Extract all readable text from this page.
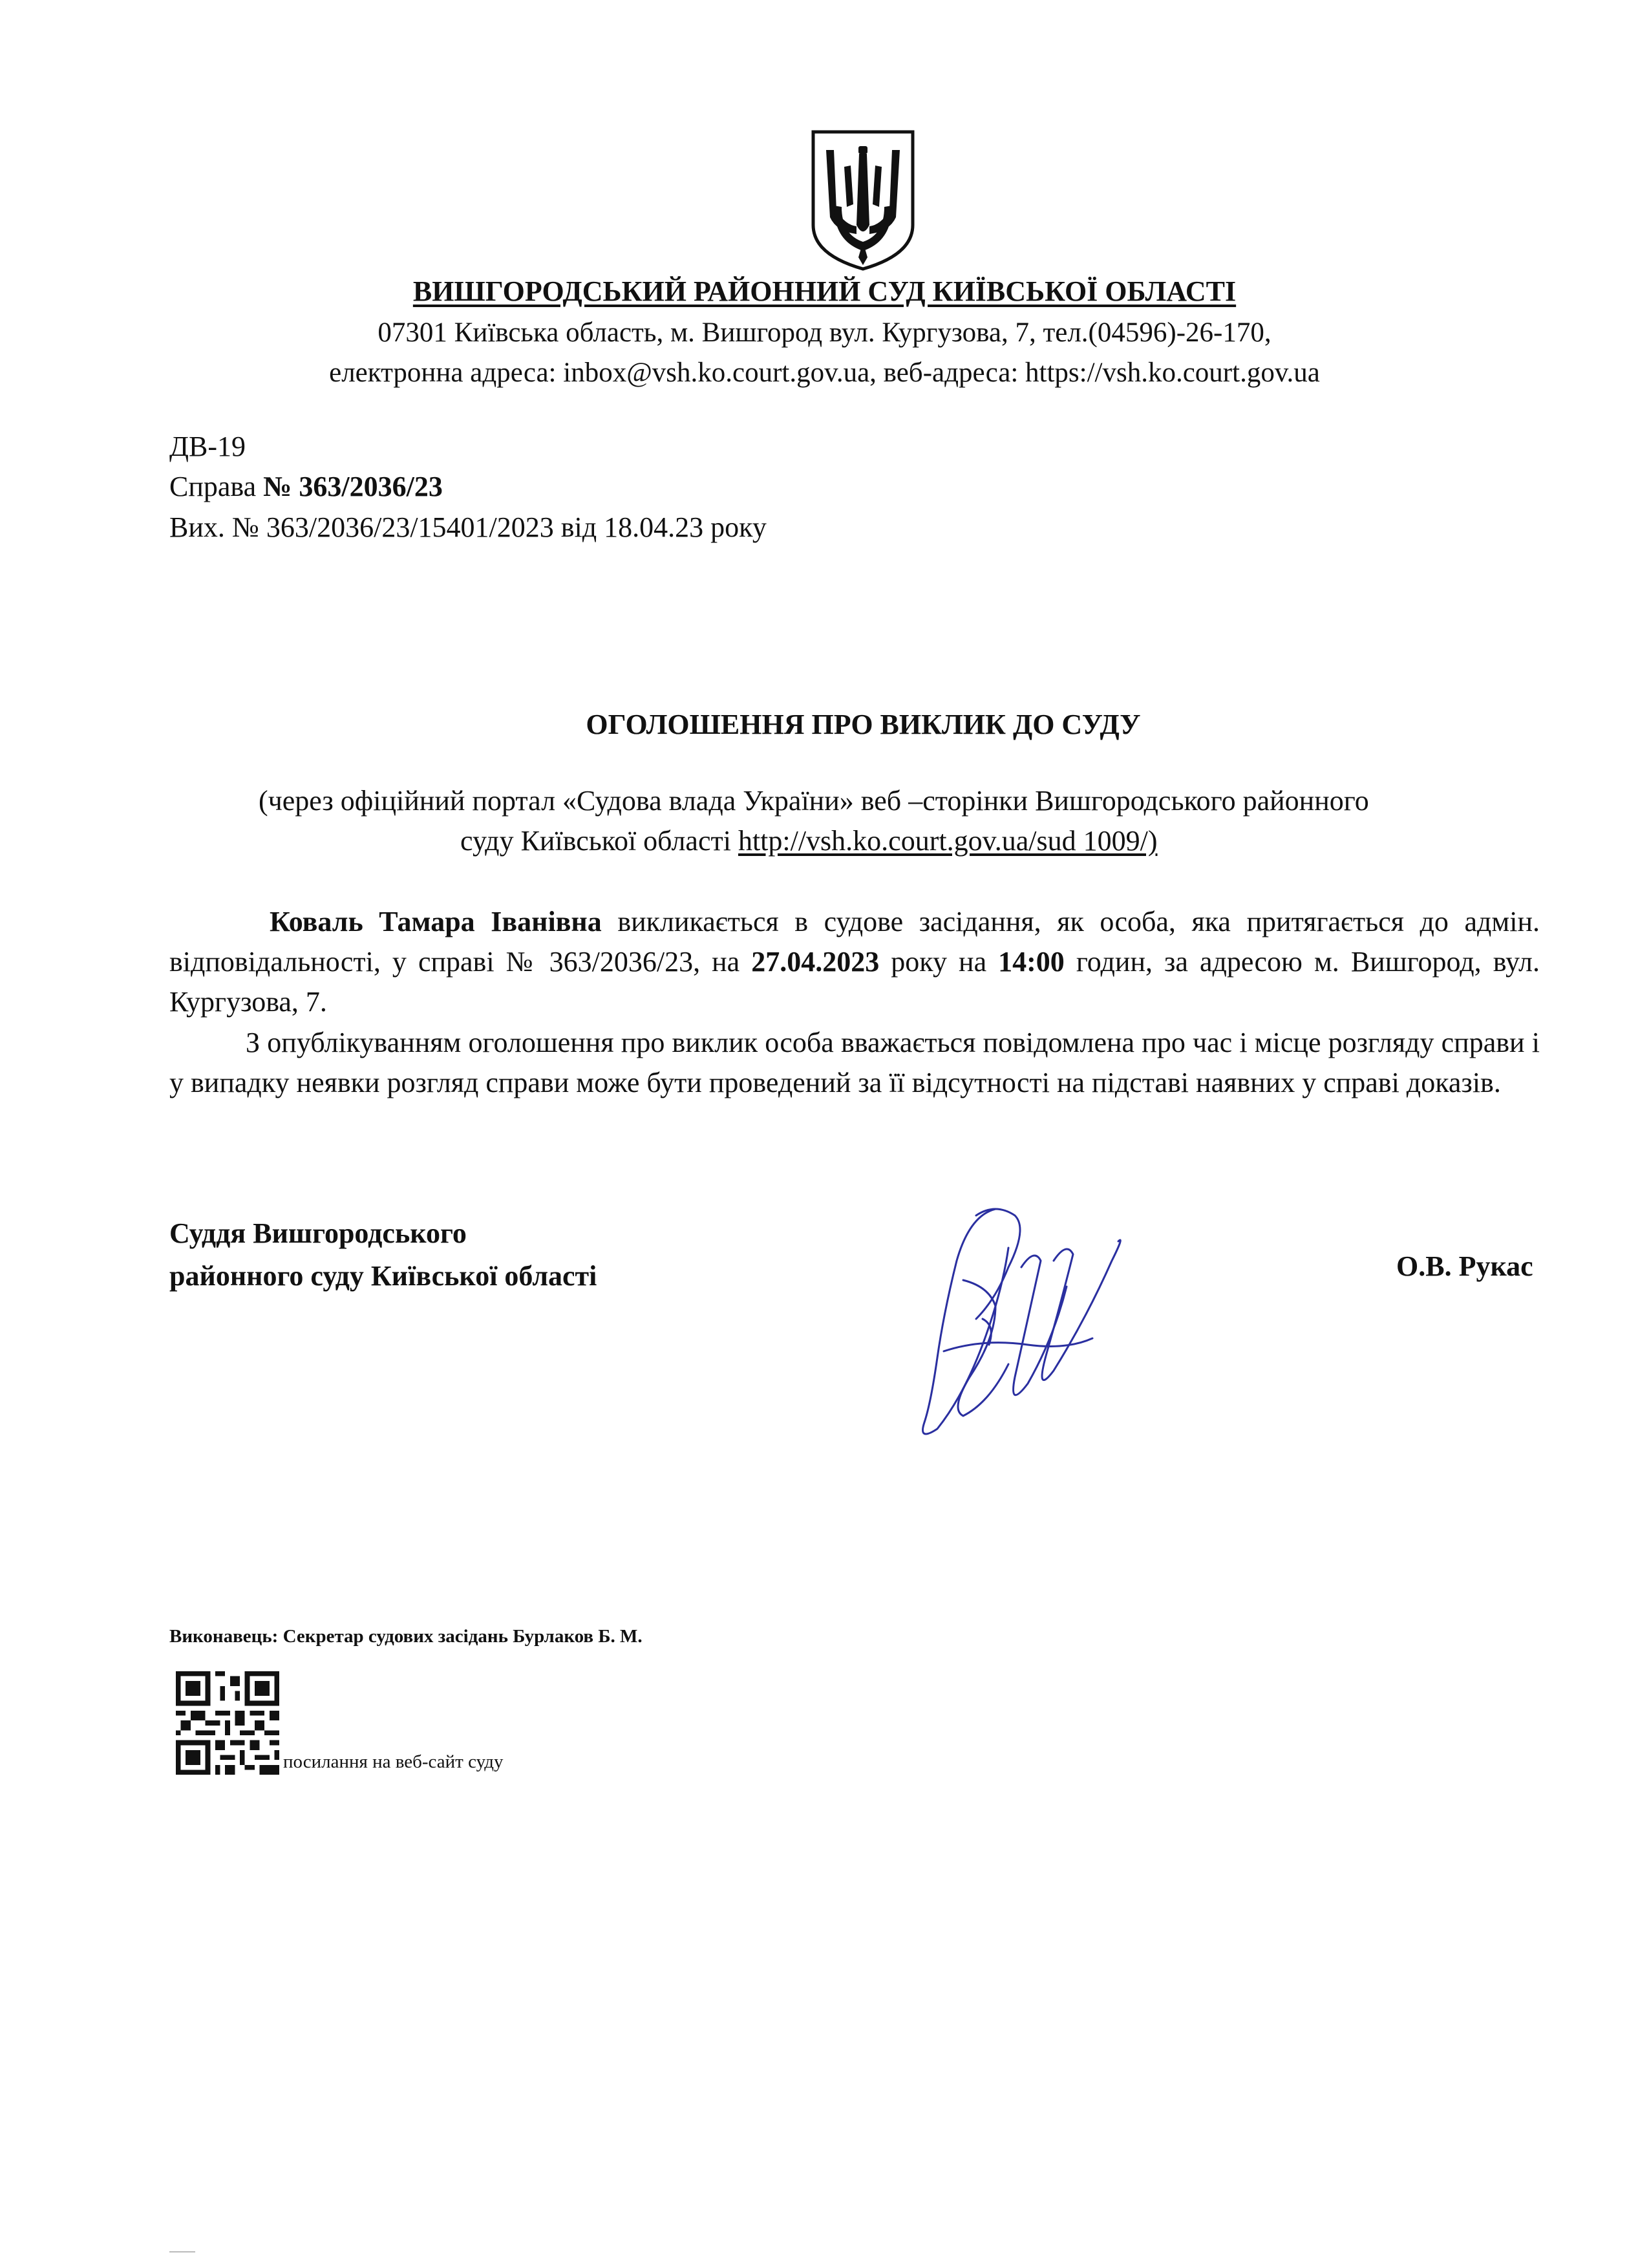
ВИШГОРОДСЬКИЙ РАЙОННИЙ СУД КИЇВСЬКОЇ ОБЛАСТІ
07301 Київська область, м. Вишгород вул. Кургузова, 7, тел.(04596)-26-170,
електронна адреса: inbox@vsh.ko.court.gov.ua, веб-адреса: https://vsh.ko.court.gov.ua
ДВ-19
Справа № 363/2036/23
Вих. № 363/2036/23/15401/2023 від 18.04.23 року
ОГОЛОШЕННЯ ПРО ВИКЛИК ДО СУДУ
(через офіційний портал «Судова влада України» веб –сторінки Вишгородського районного
суду Київської області http://vsh.ko.court.gov.ua/sud 1009/)
Коваль Тамара Іванівна викликається в судове засідання, як особа, яка притягається до адмін. відповідальності, у справі № 363/2036/23, на 27.04.2023 року на 14:00 годин, за адресою м. Вишгород, вул. Кургузова, 7.
З опублікуванням оголошення про виклик особа вважається повідомлена про час і місце розгляду справи і у випадку неявки розгляд справи може бути проведений за її відсутності на підставі наявних у справі доказів.
Суддя Вишгородського
районного суду Київської області	О.В. Рукас
Виконавець: Секретар судових засідань Бурлаков Б. М.
посилання на веб-сайт суду
